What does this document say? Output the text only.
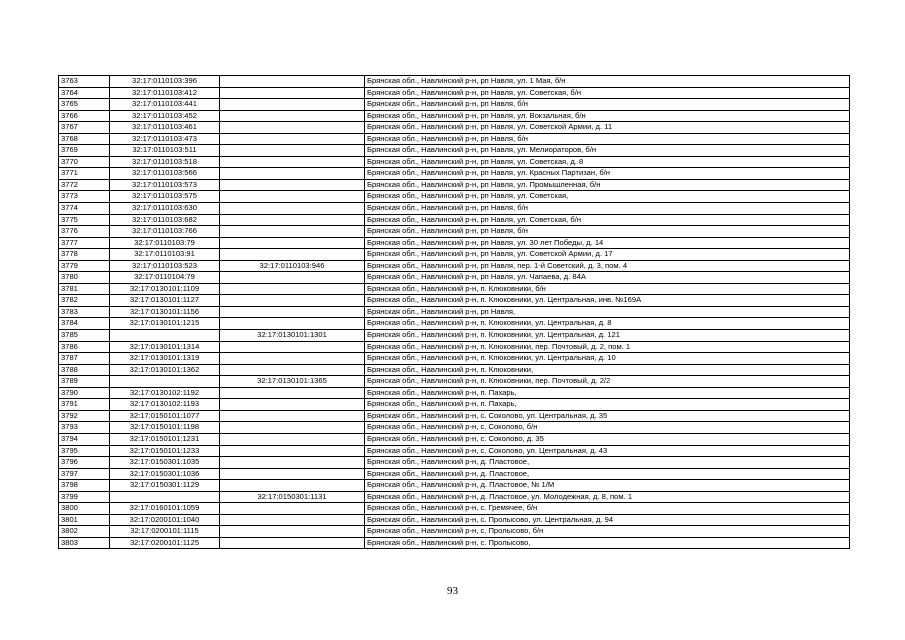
3763	32:17:0110103:396		Брянская обл., Навлинский р-н, рп Навля, ул. 1 Мая, б/н
3764	32:17:0110103:412		Брянская обл., Навлинский р-н, рп Навля, ул. Советская, б/н
3765	32:17:0110103:441		Брянская обл., Навлинский р-н, рп Навля, б/н
3766	32:17:0110103:452		Брянская обл., Навлинский р-н, рп Навля, ул. Вокзальная, б/н
3767	32:17:0110103:461		Брянская обл., Навлинский р-н, рп Навля, ул. Советской Армии, д. 11
3768	32:17:0110103:473		Брянская обл., Навлинский р-н, рп Навля, б/н
3769	32:17:0110103:511		Брянская обл., Навлинский р-н, рп Навля, ул. Мелиораторов, б/н
3770	32:17:0110103:518		Брянская обл., Навлинский р-н, рп Навля, ул. Советская, д. 8
3771	32:17:0110103:566		Брянская обл., Навлинский р-н, рп Навля, ул. Красных Партизан, б/н
3772	32:17:0110103:573		Брянская обл., Навлинский р-н, рп Навля, ул. Промышленная, б/н
3773	32:17:0110103:575		Брянская обл., Навлинский р-н, рп Навля, ул. Советская,
3774	32:17:0110103:630		Брянская обл., Навлинский р-н, рп Навля, б/н
3775	32:17:0110103:682		Брянская обл., Навлинский р-н, рп Навля, ул. Советская, б/н
3776	32:17:0110103:766		Брянская обл., Навлинский р-н, рп Навля, б/н
3777	32:17:0110103:79		Брянская обл., Навлинский р-н, рп Навля, ул. 30 лет Победы, д. 14
3778	32:17:0110103:91		Брянская обл., Навлинский р-н, рп Навля, ул. Советской Армии, д. 17
3779	32:17:0110103:523	32:17:0110103:946	Брянская обл., Навлинский р-н, рп Навля, пер. 1-й Советский, д. 3, пом. 4
3780	32:17:0110104:79		Брянская обл., Навлинский р-н, рп Навля, ул. Чапаева, д. 84А
3781	32:17:0130101:1109		Брянская обл., Навлинский р-н, п. Клюковники, б/н
3782	32:17:0130101:1127		Брянская обл., Навлинский р-н, п. Клюковники, ул. Центральная, инв. №169А
3783	32:17:0130101:1156		Брянская обл., Навлинский р-н, рп Навля,
3784	32:17:0130101:1215		Брянская обл., Навлинский р-н, п. Клюковники, ул. Центральная, д. 8
3785		32:17:0130101:1301	Брянская обл., Навлинский р-н, п. Клюковники, ул. Центральная, д. 121
3786	32:17:0130101:1314		Брянская обл., Навлинский р-н, п. Клюковники, пер. Почтовый, д. 2, пом. 1
3787	32:17:0130101:1319		Брянская обл., Навлинский р-н, п. Клюковники, ул. Центральная, д. 10
3788	32:17:0130101:1362		Брянская обл., Навлинский р-н, п. Клюковники,
3789		32:17:0130101:1365	Брянская обл., Навлинский р-н, п. Клюковники, пер. Почтовый, д. 2/2
3790	32:17:0130102:1192		Брянская обл., Навлинский р-н, п. Пахарь,
3791	32:17:0130102:1193		Брянская обл., Навлинский р-н, п. Пахарь,
3792	32:17:0150101:1077		Брянская обл., Навлинский р-н, с. Соколово, ул. Центральная, д. 35
3793	32:17:0150101:1198		Брянская обл., Навлинский р-н, с. Соколово, б/н
3794	32:17:0150101:1231		Брянская обл., Навлинский р-н, с. Соколово, д. 35
3795	32:17:0150101:1233		Брянская обл., Навлинский р-н, с. Соколово, ул. Центральная, д. 43
3796	32:17:0150301:1035		Брянская обл., Навлинский р-н, д. Пластовое,
3797	32:17:0150301:1036		Брянская обл., Навлинский р-н, д. Пластовое,
3798	32:17:0150301:1129		Брянская обл., Навлинский р-н, д. Пластовое, № 1/М
3799		32:17:0150301:1131	Брянская обл., Навлинский р-н, д. Пластовое, ул. Молодежная, д. 8, пом. 1
3800	32:17:0160101:1059		Брянская обл., Навлинский р-н, с. Гремячее, б/н
3801	32:17:0200101:1040		Брянская обл., Навлинский р-н, с. Пролысово, ул. Центральная, д. 94
3802	32:17:0200101:1115		Брянская обл., Навлинский р-н, с. Пролысово, б/н
3803	32:17:0200101:1125		Брянская обл., Навлинский р-н, с. Пролысово,
93
